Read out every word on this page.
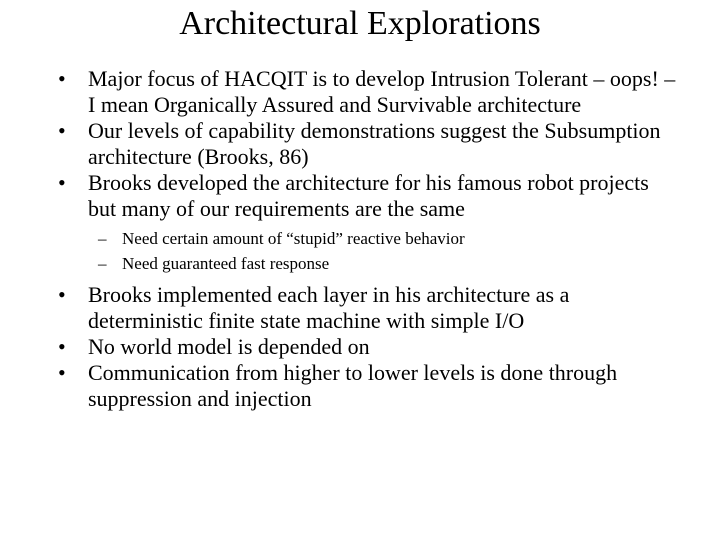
Architectural Explorations
•	Major focus of HACQIT is to develop Intrusion Tolerant – oops! – I mean Organically Assured and Survivable architecture
•	Our levels of capability demonstrations suggest the Subsumption architecture (Brooks, 86)
•	Brooks developed the architecture for his famous robot projects but many of our requirements are the same
– Need certain amount of “stupid” reactive behavior
– Need guaranteed fast response
•	Brooks implemented each layer in his architecture as a deterministic finite state machine with simple I/O
•	No world model is depended on
•	Communication from higher to lower levels is done through suppression and injection
